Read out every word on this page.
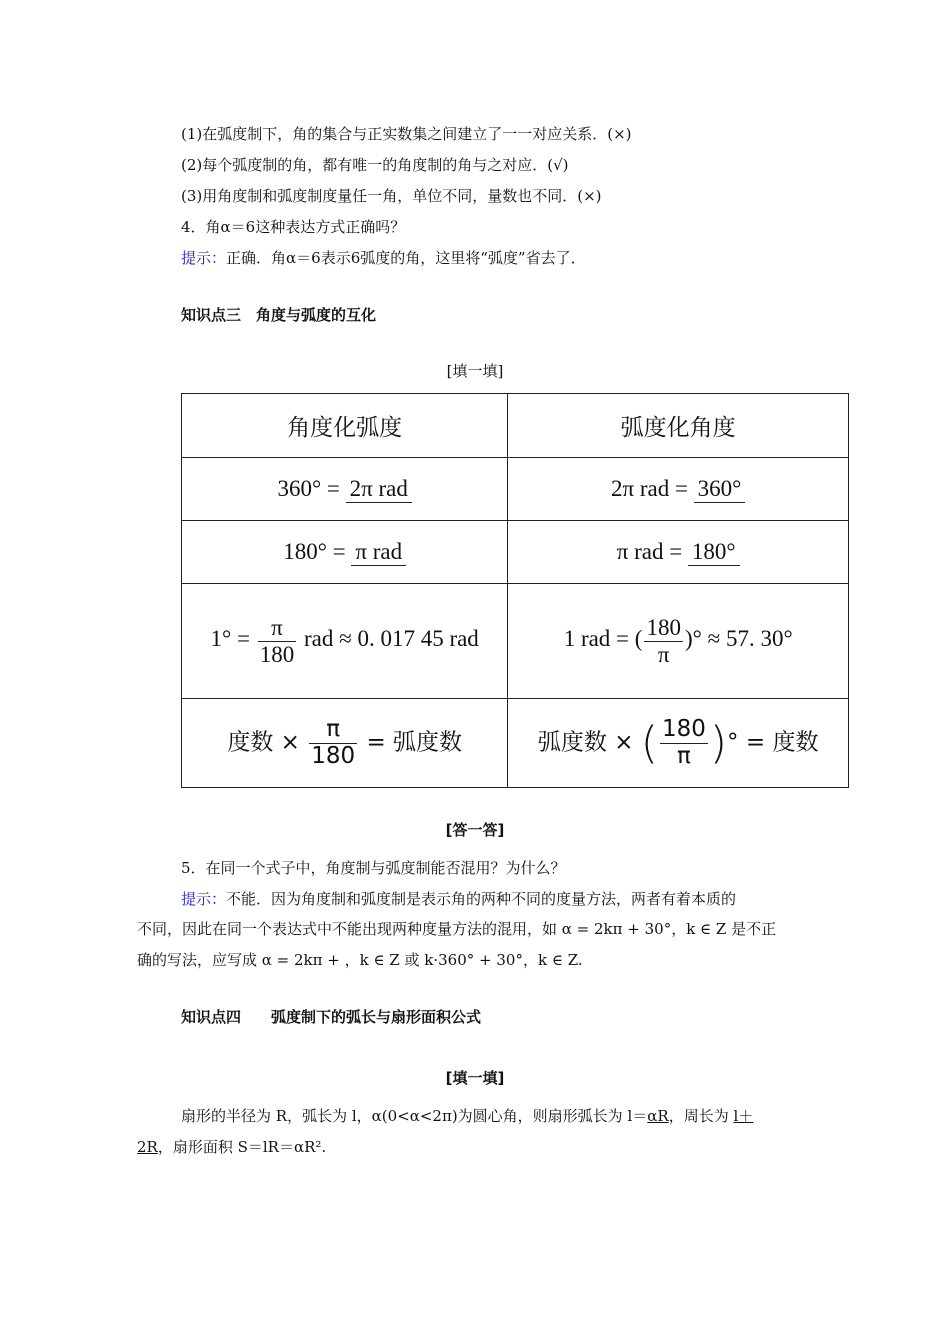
(1)在弧度制下，角的集合与正实数集之间建立了一一对应关系．(×)
(2)每个弧度制的角，都有唯一的角度制的角与之对应．(√)
(3)用角度制和弧度制度量任一角，单位不同，量数也不同．(×)
4．角α＝6这种表达方式正确吗？
提示：正确．角α＝6表示6弧度的角，这里将“弧度”省去了．
知识点三　角度与弧度的互化
[填一填]
角度化弧度	弧度化角度
360° = 2π rad	2π rad = 360°
180° = π rad	π rad = 180°
$1^\circ = \frac{\pi}{180}$ rad ≈ 0. 017 45 rad	1 rad = ( $\frac{180}{\pi}$ )° ≈ 57. 30°
度数 × $\frac{\pi}{180}$ = 弧度数	弧度数 × ( $\frac{180}{\pi}$ )° = 度数
[答一答]
5．在同一个式子中，角度制与弧度制能否混用？为什么？
提示：不能．因为角度制和弧度制是表示角的两种不同的度量方法，两者有着本质的
不同，因此在同一个表达式中不能出现两种度量方法的混用，如 α = 2kπ + 30°，k ∈ Z 是不正
确的写法，应写成 α = 2kπ + ，k ∈ Z 或 k·360° + 30°，k ∈ Z.
知识点四　　弧度制下的弧长与扇形面积公式
[填一填]
扇形的半径为 R，弧长为 l，α(0<α<2π)为圆心角，则扇形弧长为 l＝αR，周长为 l＋
2R，扇形面积 S＝lR＝αR².
